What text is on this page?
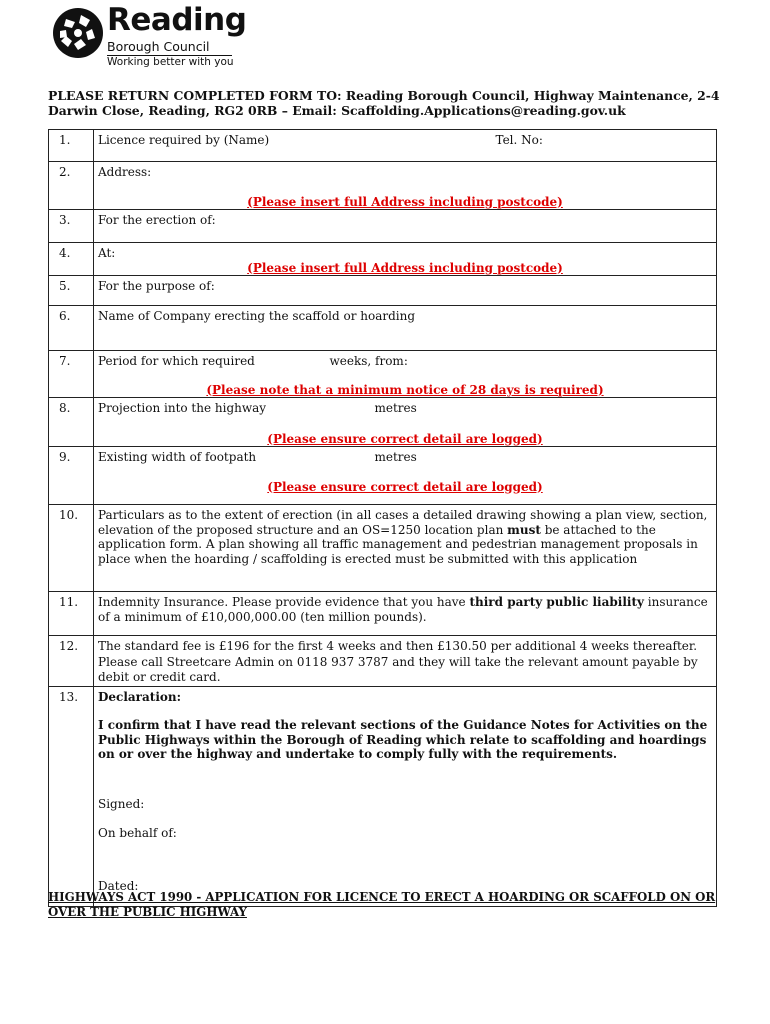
Reading
Borough Council
Working better with you
PLEASE RETURN COMPLETED FORM TO: Reading Borough Council, Highway Maintenance, 2-4 Darwin Close, Reading, RG2 0RB – Email: Scaffolding.Applications@reading.gov.uk
1.	Licence required by (Name) Tel. No:

2.	Address:
(Please insert full Address including postcode)

3.	For the erection of:
4.	At:
(Please insert full Address including postcode)

5.	For the purpose of:
6.	Name of Company erecting the scaffold or hoarding
7.	Period for which required weeks, from:
(Please note that a minimum notice of 28 days is required)

8.	Projection into the highway metres
(Please ensure correct detail are logged)

9.	Existing width of footpath metres
(Please ensure correct detail are logged)

10.	Particulars as to the extent of erection (in all cases a detailed drawing showing a plan view, section, elevation of the proposed structure and an OS=1250 location plan must be attached to the application form. A plan showing all traffic management and pedestrian management proposals in place when the hoarding / scaffolding is erected must be submitted with this application
11.	Indemnity Insurance. Please provide evidence that you have third party public liability insurance of a minimum of £10,000,000.00 (ten million pounds).
12.	The standard fee is £196 for the first 4 weeks and then £130.50 per additional 4 weeks thereafter. Please call Streetcare Admin on 0118 937 3787 and they will take the relevant amount payable by debit or credit card.
13.	Declaration:
I confirm that I have read the relevant sections of the Guidance Notes for Activities on the Public Highways within the Borough of Reading which relate to scaffolding and hoardings on or over the highway and undertake to comply fully with the requirements.
Signed:
On behalf of:
Dated:
HIGHWAYS ACT 1990 - APPLICATION FOR LICENCE TO ERECT A HOARDING OR SCAFFOLD ON OR OVER THE PUBLIC HIGHWAY
